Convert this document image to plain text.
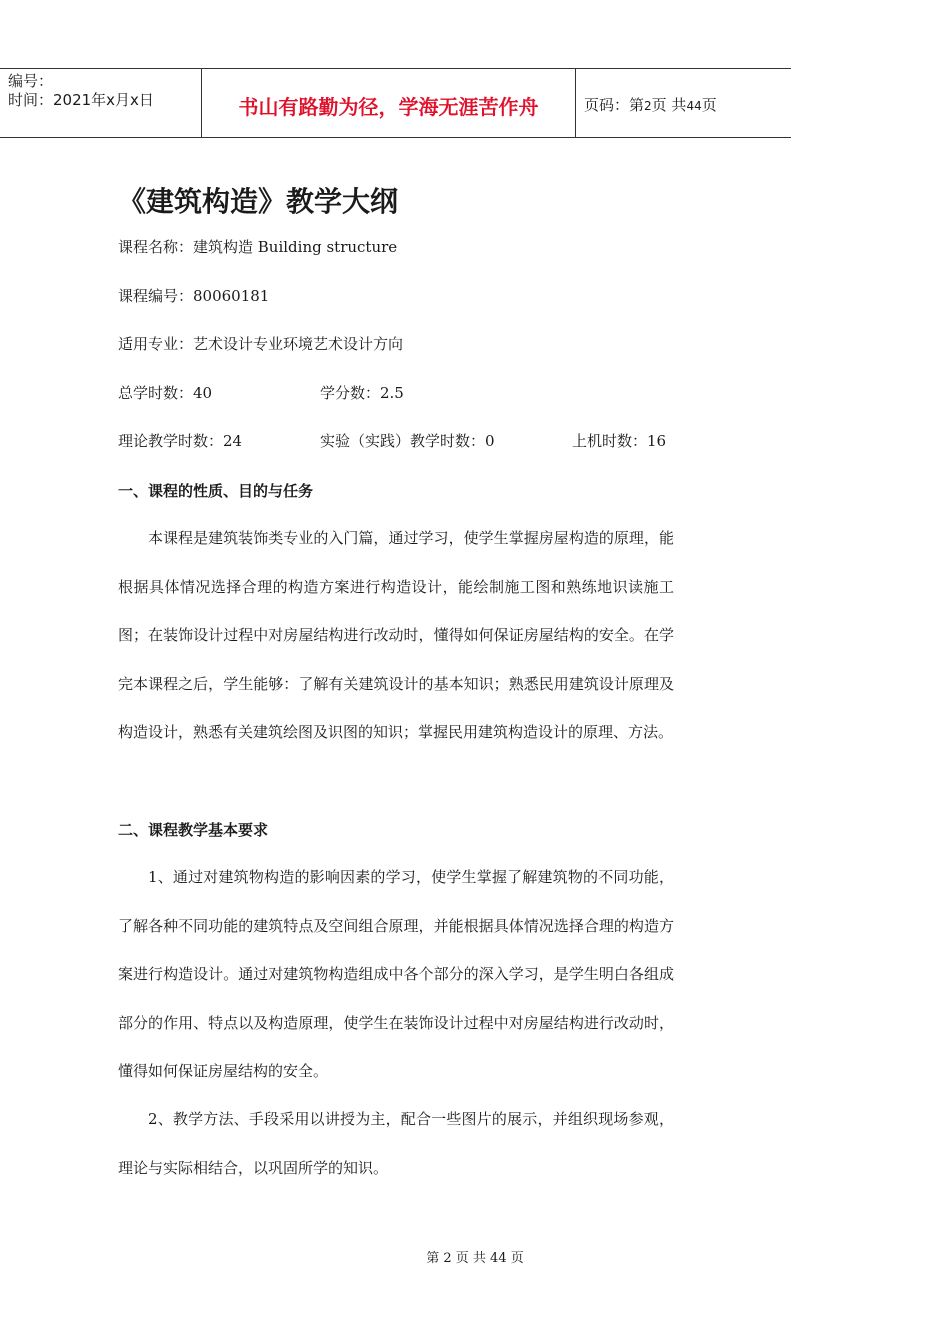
编号：
时间：2021年x月x日	书山有路勤为径，学海无涯苦作舟	页码：第2页 共44页
《建筑构造》教学大纲
课程名称：建筑构造 Building structure
课程编号：80060181
适用专业：艺术设计专业环境艺术设计方向
总学时数：40	学分数：2.5
理论教学时数：24	实验（实践）教学时数：0	上机时数：16
一、课程的性质、目的与任务

本课程是建筑装饰类专业的入门篇，通过学习，使学生掌握房屋构造的原理，能根据具体情况选择合理的构造方案进行构造设计，能绘制施工图和熟练地识读施工图；在装饰设计过程中对房屋结构进行改动时，懂得如何保证房屋结构的安全。在学完本课程之后，学生能够：了解有关建筑设计的基本知识；熟悉民用建筑设计原理及构造设计，熟悉有关建筑绘图及识图的知识；掌握民用建筑构造设计的原理、方法。

二、课程教学基本要求

1、通过对建筑物构造的影响因素的学习，使学生掌握了解建筑物的不同功能，了解各种不同功能的建筑特点及空间组合原理，并能根据具体情况选择合理的构造方案进行构造设计。通过对建筑物构造组成中各个部分的深入学习，是学生明白各组成部分的作用、特点以及构造原理，使学生在装饰设计过程中对房屋结构进行改动时，懂得如何保证房屋结构的安全。

2、教学方法、手段采用以讲授为主，配合一些图片的展示，并组织现场参观，理论与实际相结合，以巩固所学的知识。

第 2 页 共 44 页
